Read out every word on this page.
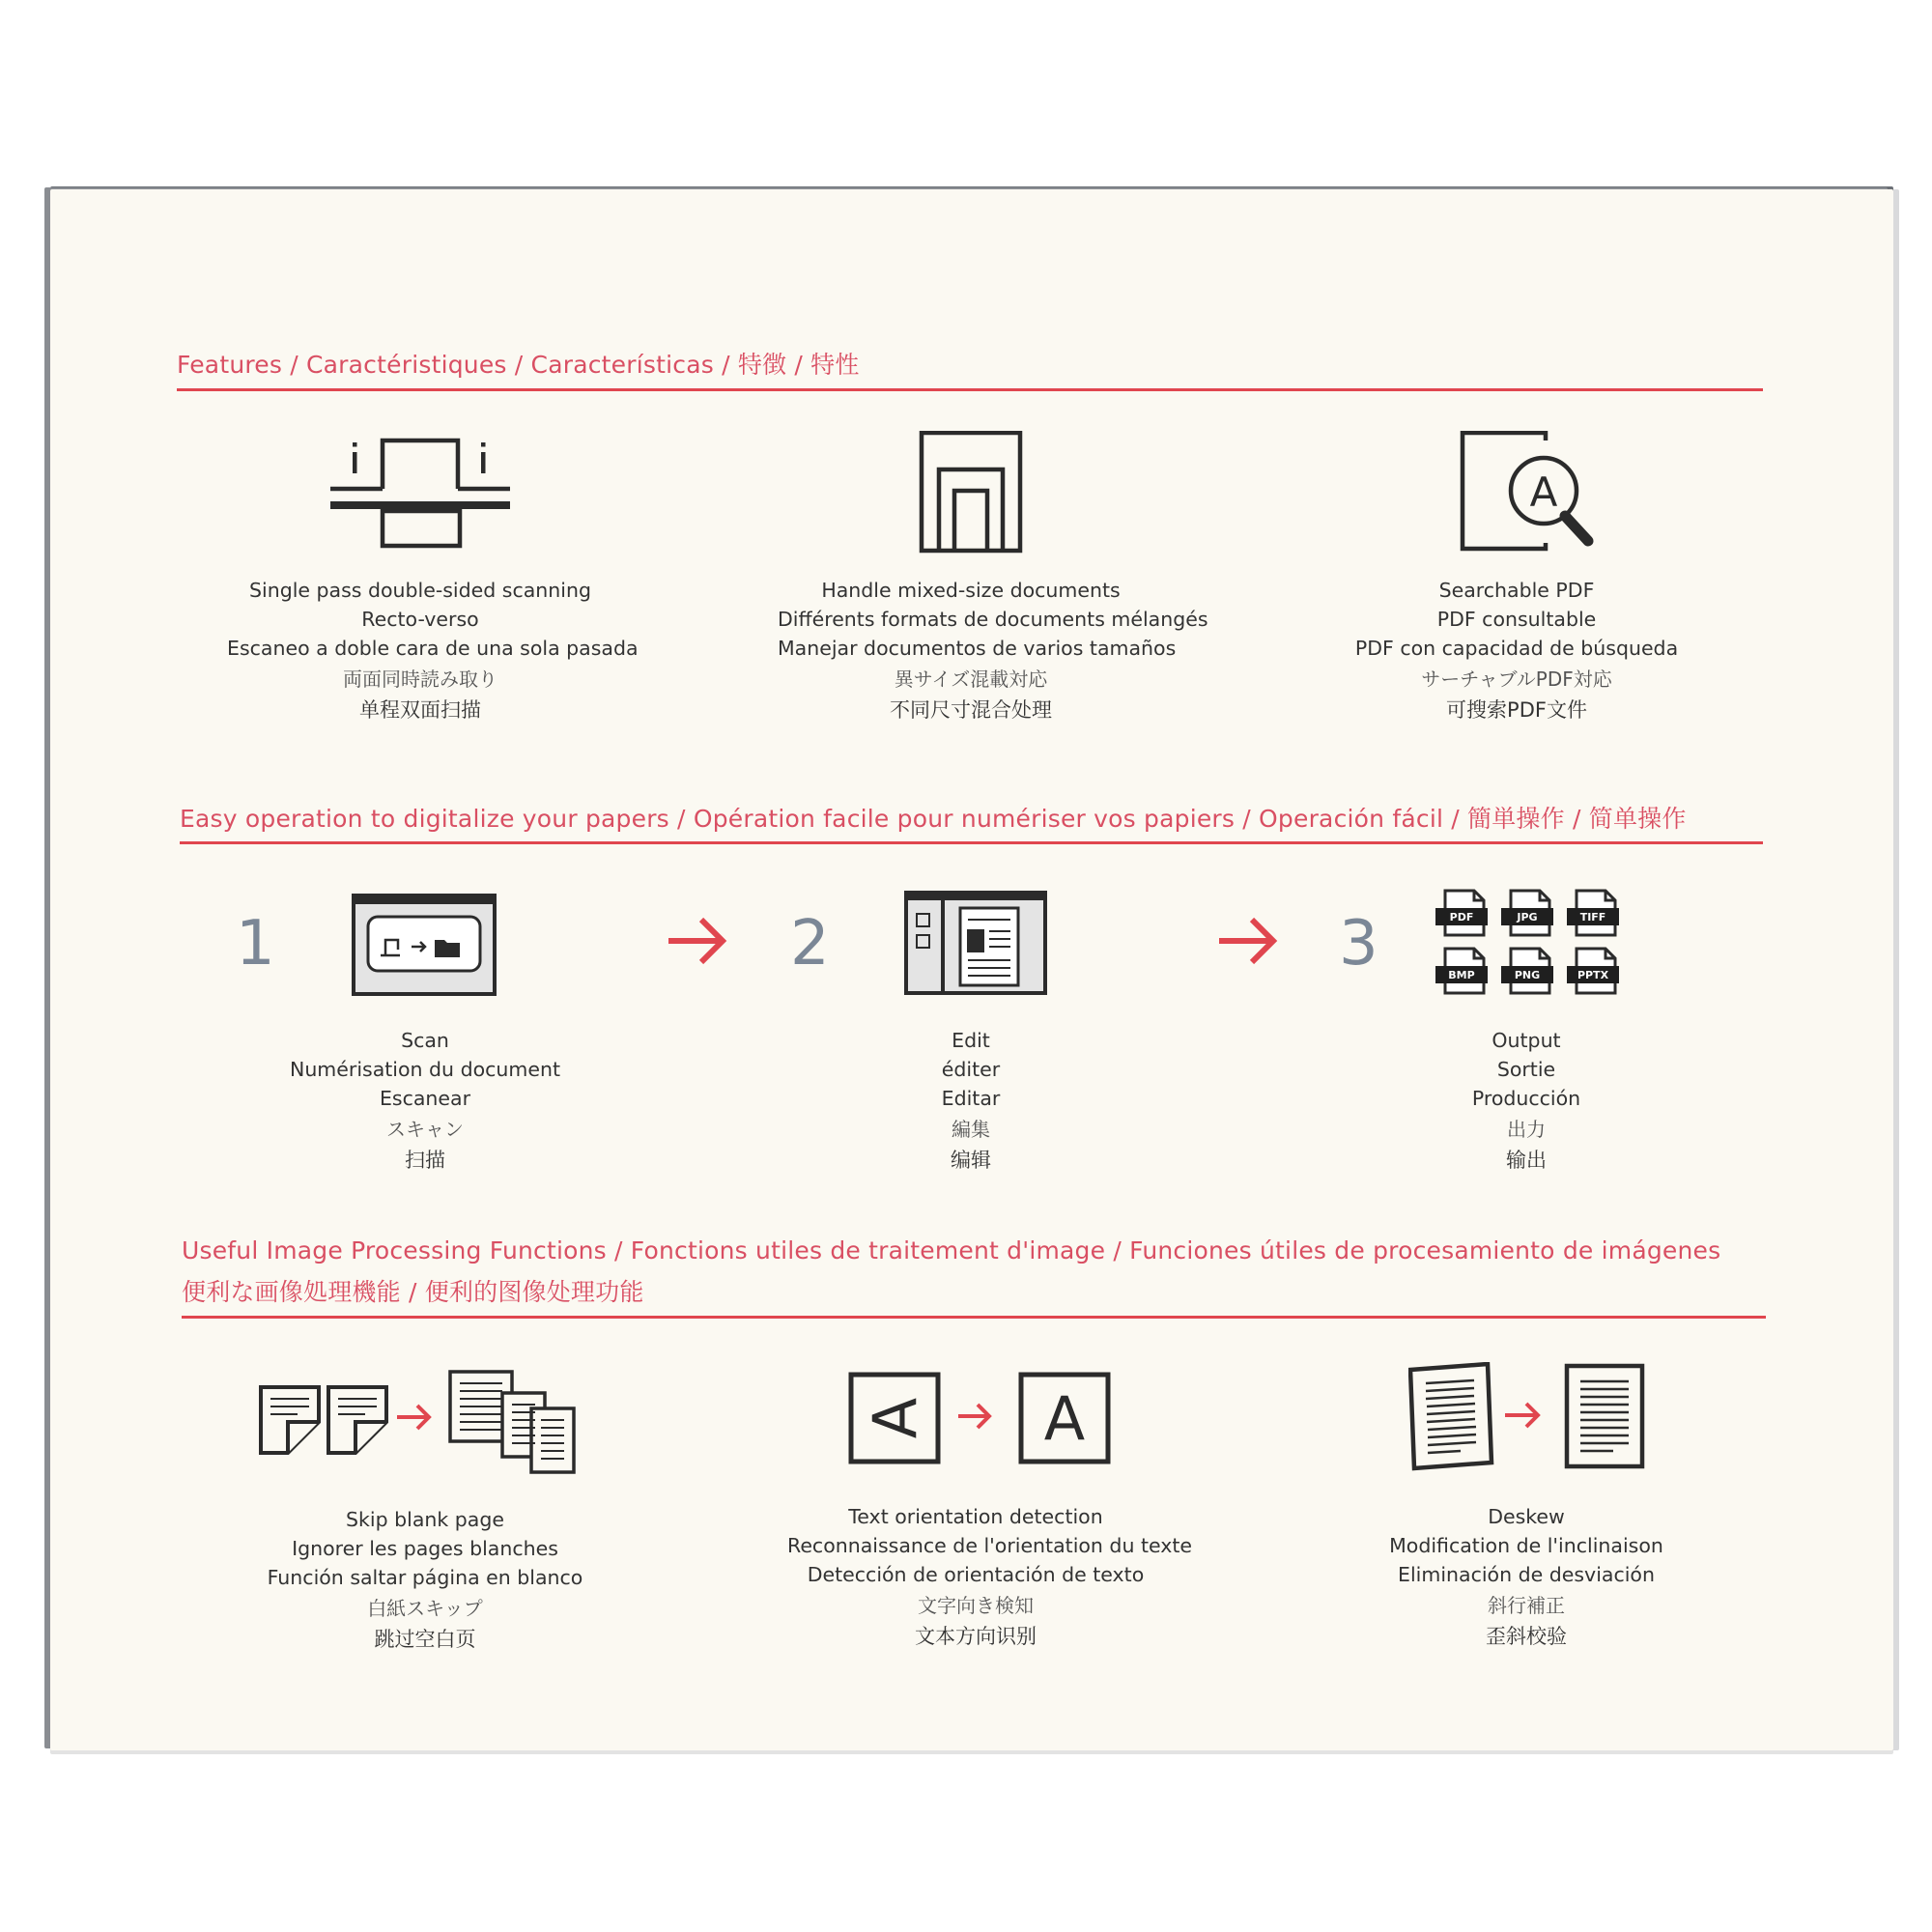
Features / Caractéristiques / Características / 特徴 / 特性
Single pass double-sided scanning
Recto-verso
Escaneo a doble cara de una sola pasada
両面同時読み取り
单程双面扫描
Handle mixed-size documents
Différents formats de documents mélangés
Manejar documentos de varios tamaños
異サイズ混載対応
不同尺寸混合处理
A
Searchable PDF
PDF consultable
PDF con capacidad de búsqueda
サーチャブルPDF対応
可搜索PDF文件
Easy operation to digitalize your papers / Opération facile pour numériser vos papiers / Operación fácil / 簡単操作 / 简单操作
1
Scan
Numérisation du document
Escanear
スキャン
扫描
2
Edit
éditer
Editar
編集
编辑
3	PDF	JPG	TIFF
BMP	PNG	PPTX
Output
Sortie
Producción
出力
输出
Useful Image Processing Functions / Fonctions utiles de traitement d'image / Funciones útiles de procesamiento de imágenes
便利な画像処理機能 / 便利的图像处理功能
Skip blank page
Ignorer les pages blanches
Función saltar página en blanco
白紙スキップ
跳过空白页
A A
Text orientation detection
Reconnaissance de l'orientation du texte
Detección de orientación de texto
文字向き検知
文本方向识别
Deskew
Modification de l'inclinaison
Eliminación de desviación
斜行補正
歪斜校验
